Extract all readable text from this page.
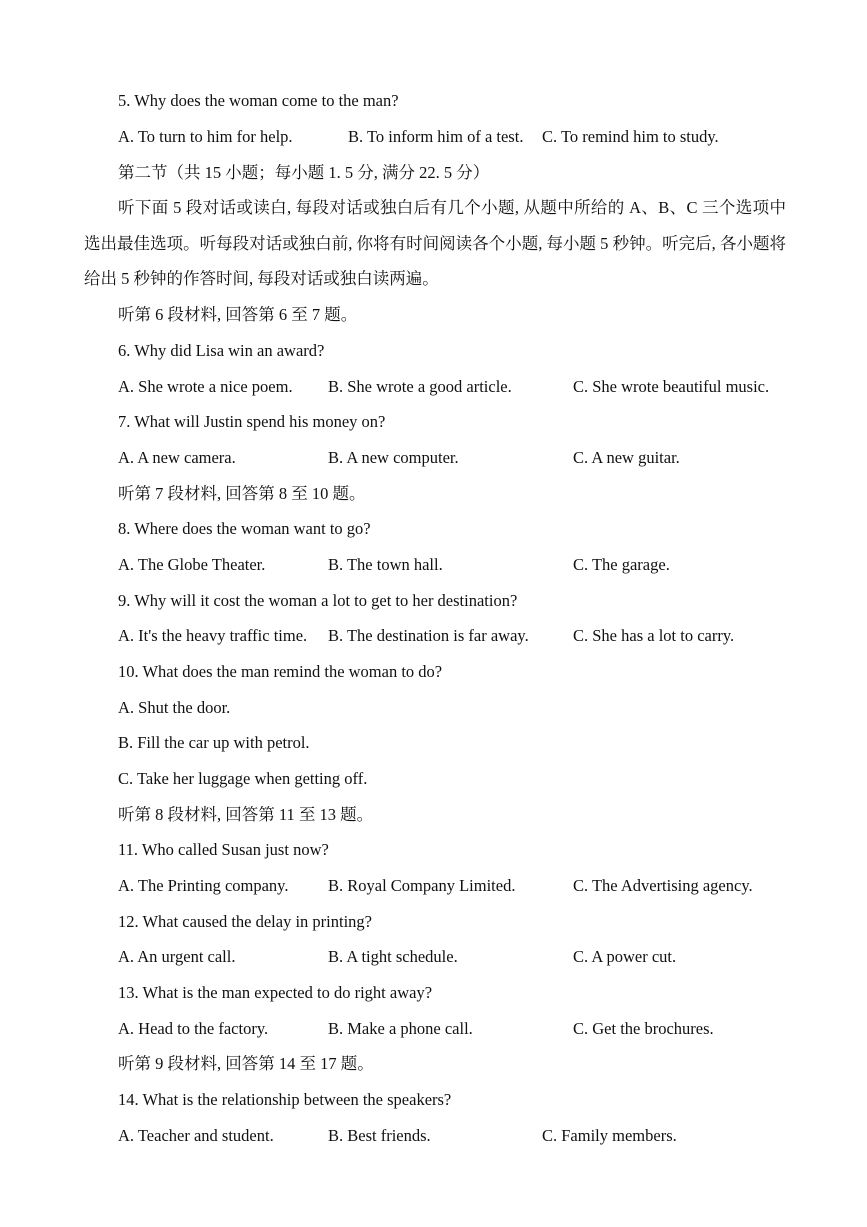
5. Why does the woman come to the man?
A. To turn to him for help.	B. To inform him of a test. C. To remind him to study.
第二节（共 15 小题；每小题 1. 5 分, 满分 22. 5 分）
听下面 5 段对话或读白, 每段对话或独白后有几个小题, 从题中所给的 A、B、C 三个选项中选出最佳选项。听每段对话或独白前, 你将有时间阅读各个小题, 每小题 5 秒钟。听完后, 各小题将给出 5 秒钟的作答时间, 每段对话或独白读两遍。
听第 6 段材料, 回答第 6 至 7 题。
6. Why did Lisa win an award?
A. She wrote a nice poem. B. She wrote a good article.	C. She wrote beautiful music.
7. What will Justin spend his money on?
A. A new camera.	B. A new computer.	C. A new guitar.
听第 7 段材料, 回答第 8 至 10 题。
8. Where does the woman want to go?
A. The Globe Theater.	B. The town hall.	C. The garage.
9. Why will it cost the woman a lot to get to her destination?
A. It's the heavy traffic time. B. The destination is far away.	C. She has a lot to carry.
10. What does the man remind the woman to do?
A. Shut the door.
B. Fill the car up with petrol.
C. Take her luggage when getting off.
听第 8 段材料, 回答第 11 至 13 题。
11. Who called Susan just now?
A. The Printing company. B. Royal Company Limited.	C. The Advertising agency.
12. What caused the delay in printing?
A. An urgent call.	B. A tight schedule.	C. A power cut.
13. What is the man expected to do right away?
A. Head to the factory.	B. Make a phone call.	C. Get the brochures.
听第 9 段材料, 回答第 14 至 17 题。
14. What is the relationship between the speakers?
A. Teacher and student.	B. Best friends.	C. Family members.
